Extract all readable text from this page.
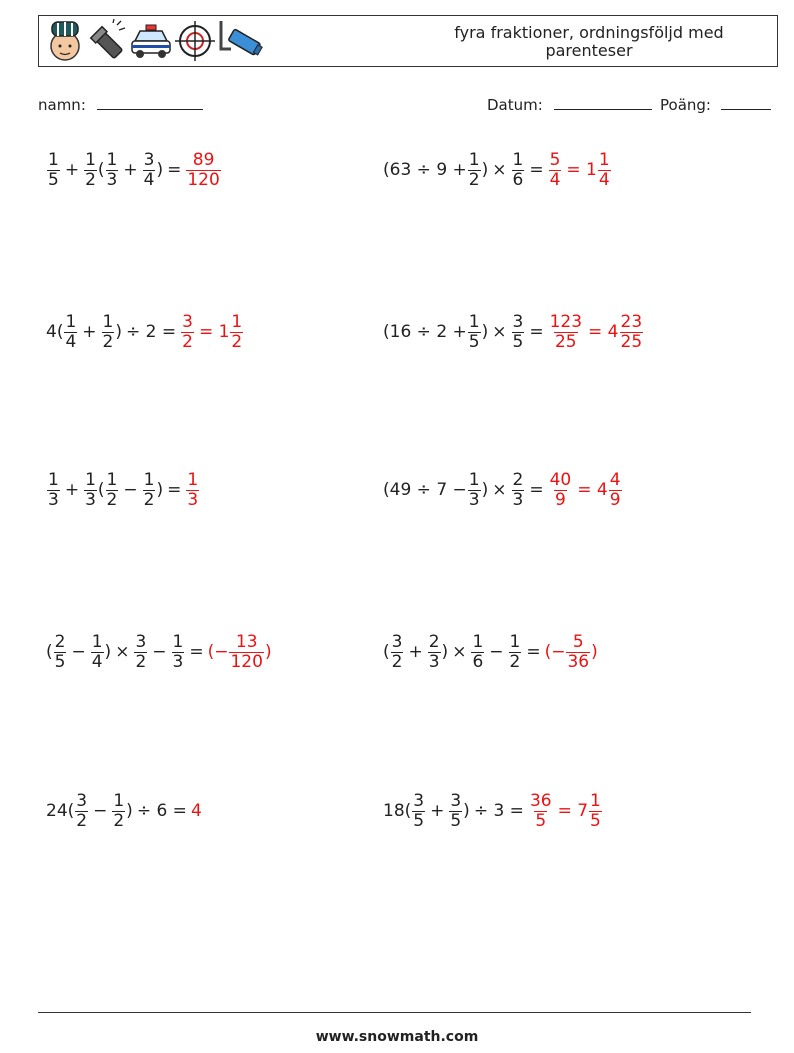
fyra fraktioner, ordningsföljd med
parenteser
namn:	Datum:	Poäng:
$\frac{1}{5} + \frac{1}{2}$ ( $\frac{1}{3} + \frac{3}{4}$ ) = $\frac{89}{120}$	($63 \div 9 + \frac{1}{2}$ ) × $\frac{1}{6} = \frac{5}{4} = 1 \frac{1}{4}$
$4( \frac{1}{4} + \frac{1}{2}$ ) ÷ $2 = \frac{3}{2} = 1 \frac{1}{2}$	($16 \div 2 + \frac{1}{5}$ ) × $\frac{3}{5} = \frac{123}{25} = 4 \frac{23}{25}$
$\frac{1}{3} + \frac{1}{3}$ ( $\frac{1}{2} - \frac{1}{2}$ ) = $\frac{1}{3}$	($49 \div 7 - \frac{1}{3}$ ) × $\frac{2}{3} = \frac{40}{9} = 4 \frac{4}{9}$
( $\frac{2}{5} - \frac{1}{4}$ ) × $\frac{3}{2} - \frac{1}{3}$ = (− $\frac{13}{120}$ )	( $\frac{3}{2} + \frac{2}{3}$ ) × $\frac{1}{6} - \frac{1}{2}$ = (− $\frac{5}{36}$ )
$24( \frac{3}{2} - \frac{1}{2}$ ) ÷ 6 = 4	$18( \frac{3}{5} + \frac{3}{5}$ ) ÷ $3 = \frac{36}{5} = 7 \frac{1}{5}$
www.snowmath.com
